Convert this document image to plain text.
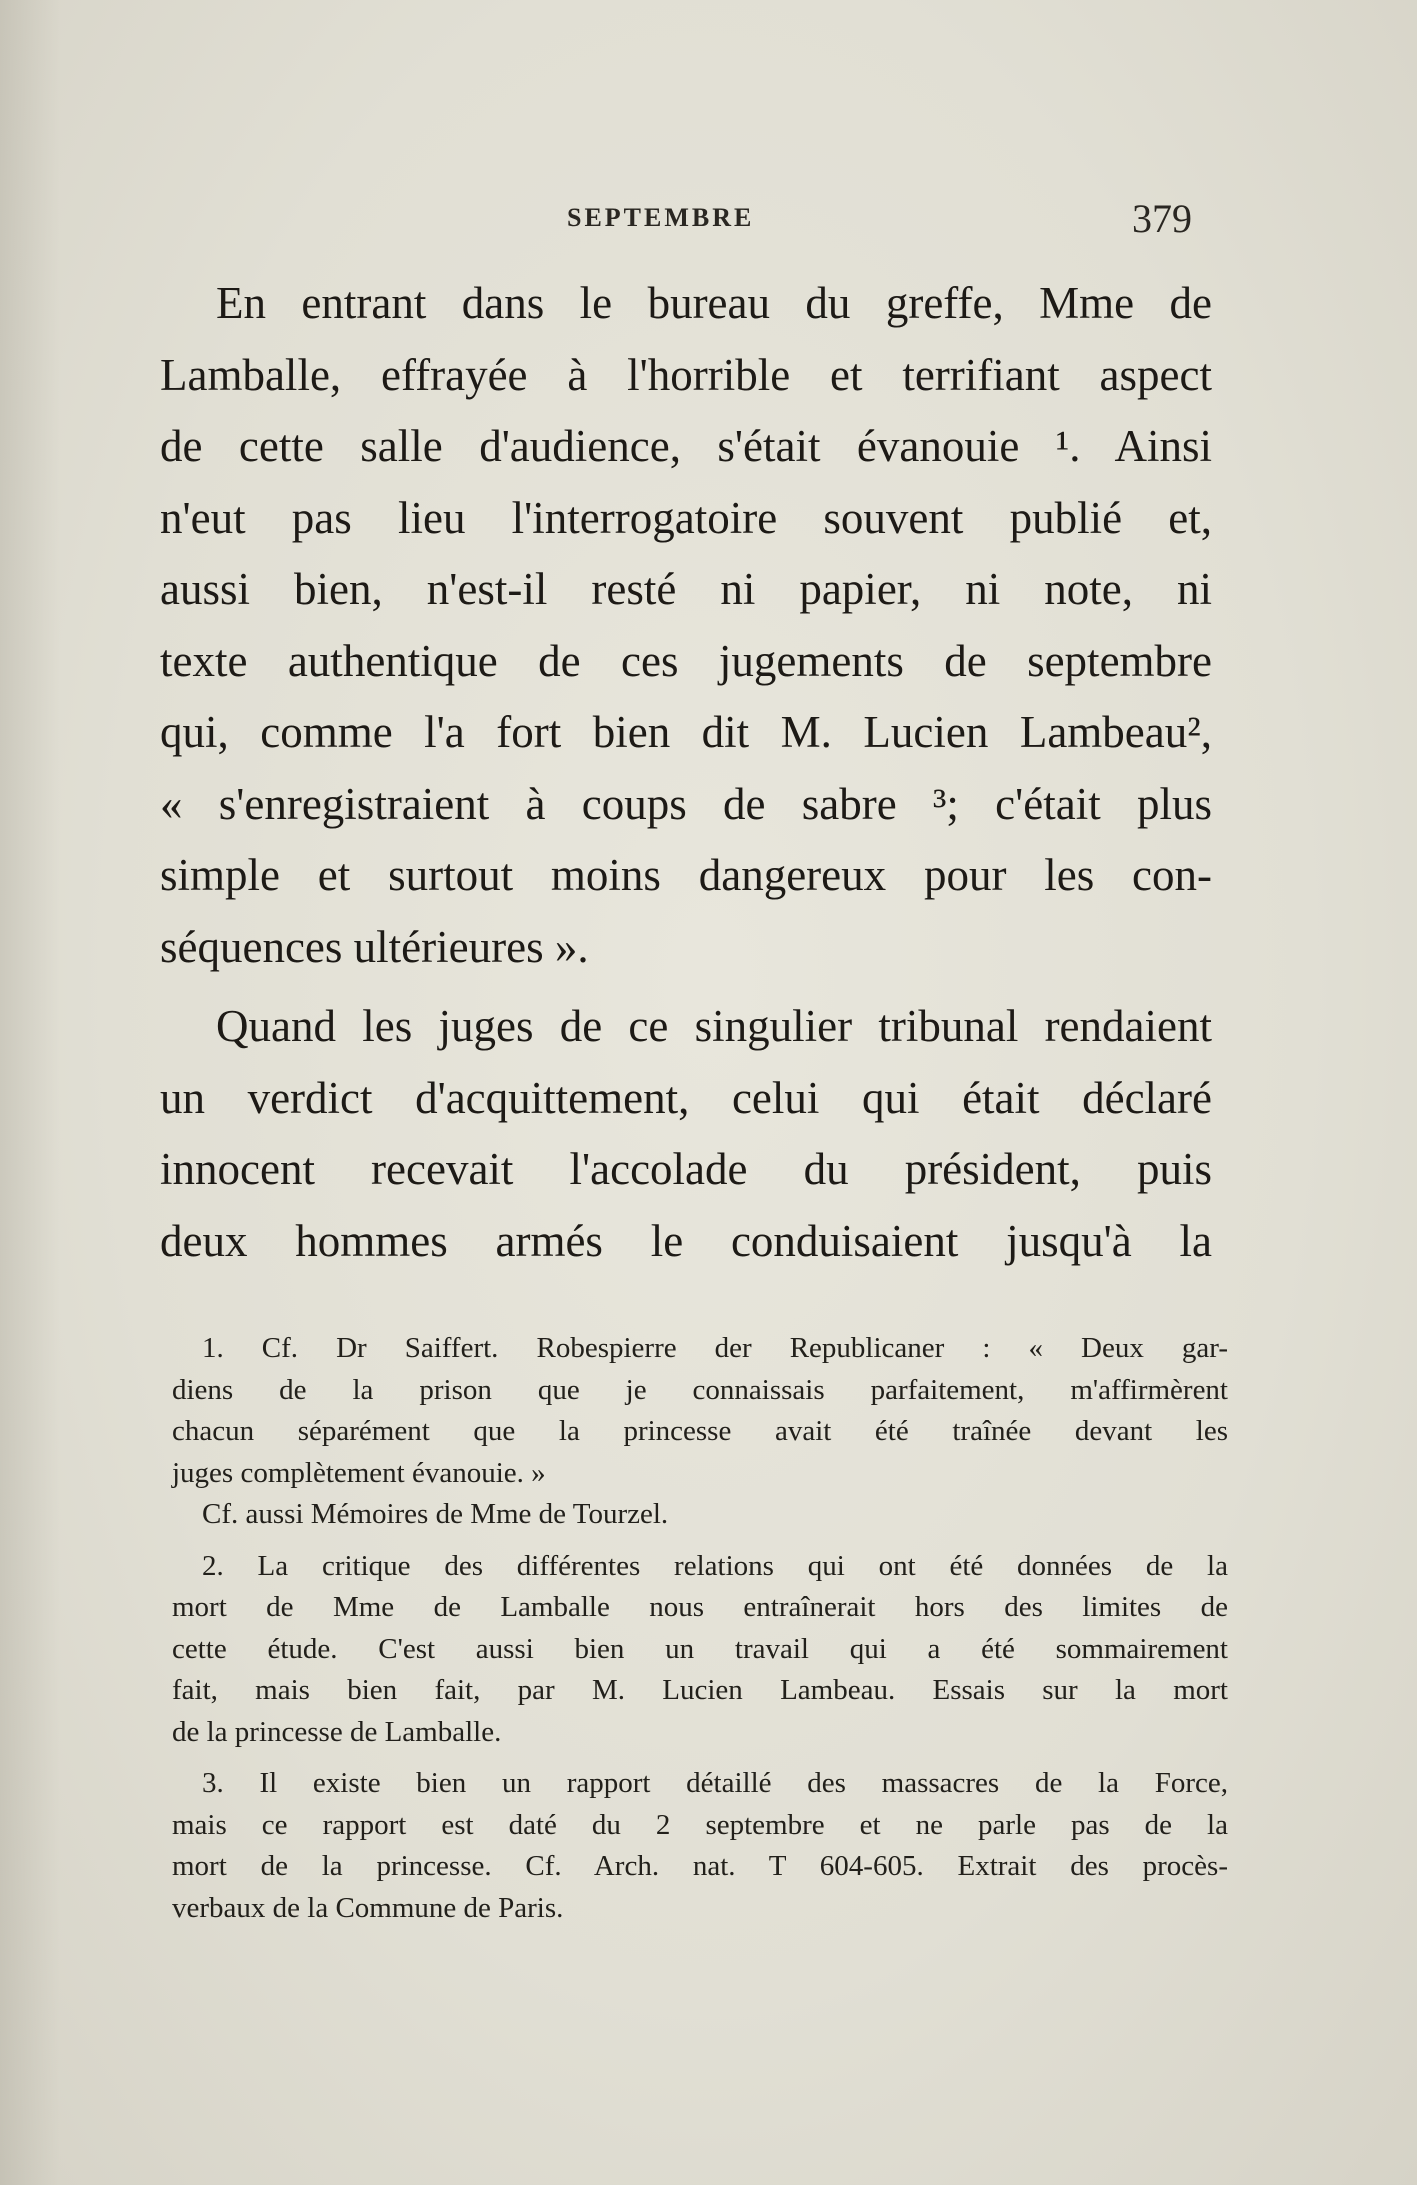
SEPTEMBRE	379
En entrant dans le bureau du greffe, Mme de
Lamballe, effrayée à l'horrible et terrifiant aspect
de cette salle d'audience, s'était évanouie ¹. Ainsi
n'eut pas lieu l'interrogatoire souvent publié et,
aussi bien, n'est-il resté ni papier, ni note, ni
texte authentique de ces jugements de septembre
qui, comme l'a fort bien dit M. Lucien Lambeau²,
« s'enregistraient à coups de sabre ³; c'était plus
simple et surtout moins dangereux pour les con-
séquences ultérieures ».
Quand les juges de ce singulier tribunal rendaient
un verdict d'acquittement, celui qui était déclaré
innocent recevait l'accolade du président, puis
deux hommes armés le conduisaient jusqu'à la
1. Cf. Dr Saiffert. Robespierre der Republicaner : « Deux gar-
diens de la prison que je connaissais parfaitement, m'affirmèrent
chacun séparément que la princesse avait été traînée devant les
juges complètement évanouie. »
Cf. aussi Mémoires de Mme de Tourzel.
2. La critique des différentes relations qui ont été données de la
mort de Mme de Lamballe nous entraînerait hors des limites de
cette étude. C'est aussi bien un travail qui a été sommairement
fait, mais bien fait, par M. Lucien Lambeau. Essais sur la mort
de la princesse de Lamballe.
3. Il existe bien un rapport détaillé des massacres de la Force,
mais ce rapport est daté du 2 septembre et ne parle pas de la
mort de la princesse. Cf. Arch. nat. T 604-605. Extrait des procès-
verbaux de la Commune de Paris.
